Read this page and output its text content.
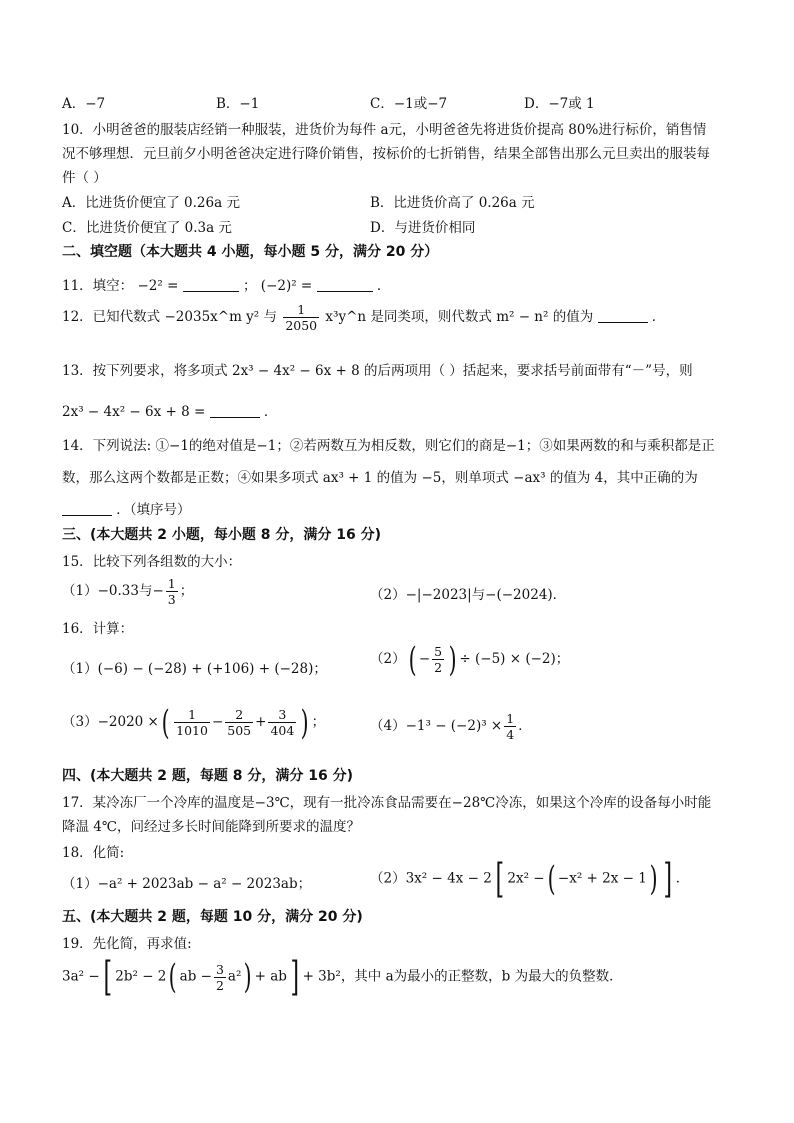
A．−7	B．−1	C．−1或−7	D．−7或 1
10．小明爸爸的服装店经销一种服装，进货价为每件 a元，小明爸爸先将进货价提高 80%进行标价，销售情
况不够理想．元旦前夕小明爸爸决定进行降价销售，按标价的七折销售，结果全部售出那么元旦卖出的服装每
件（ ）
A．比进货价便宜了 0.26a 元	B．比进货价高了 0.26a 元
C．比进货价便宜了 0.3a 元	D．与进货价相同
二、填空题（本大题共 4 小题，每小题 5 分，满分 20 分）
11．填空： −2² =	； (−2)² =	．
12．已知代数式 −2035x^m y² 与 $\frac{1}{2050}$ x³y^n 是同类项，则代数式 m² − n² 的值为	．
13．按下列要求，将多项式 2x³ − 4x² − 6x + 8 的后两项用（ ）括起来，要求括号前面带有“－”号，则
2x³ − 4x² − 6x + 8 =	．
14．下列说法: ①−1的绝对值是−1；②若两数互为相反数，则它们的商是−1；③如果两数的和与乘积都是正
数，那么这两个数都是正数；④如果多项式 ax³ + 1 的值为 −5，则单项式 −ax³ 的值为 4，其中正确的为
．（填序号）
三、(本大题共 2 小题，每小题 8 分，满分 16 分)
15．比较下列各组数的大小：
（1）−0.33与− $\frac{1}{3}$ ；	（2）−|−2023|与−(−2024)．
16．计算：
（1）(−6) − (−28) + (+106) + (−28)；
$(2)( - \frac{5}{2}$ ) ÷ (−5) × (−2)；
（3）−2020 ×( $\frac{1}{1010} - \frac{2}{505} + \frac{3}{404}$ ) ；	$(4)-1^3 - (-2)^3 \times \frac{1}{4}$ ．
四、(本大题共 2 题，每题 8 分，满分 16 分)
17．某冷冻厂一个冷库的温度是−3℃，现有一批冷冻食品需要在−28℃冷冻，如果这个冷库的设备每小时能
降温 4℃，问经过多长时间能降到所要求的温度？
18．化简:
（1）−a² + 2023ab − a² − 2023ab；	（2）3x² − 4x − 2[ 2x² −( −x² + 2x − 1) ] ．
五、(本大题共 2 题，每题 10 分，满分 20 分)
19．先化简，再求值:
3a² −[ 2b² − 2( ab − $\frac{3}{2} a^2) + ab] + 3b^2$，其中 a为最小的正整数，b 为最大的负整数．
